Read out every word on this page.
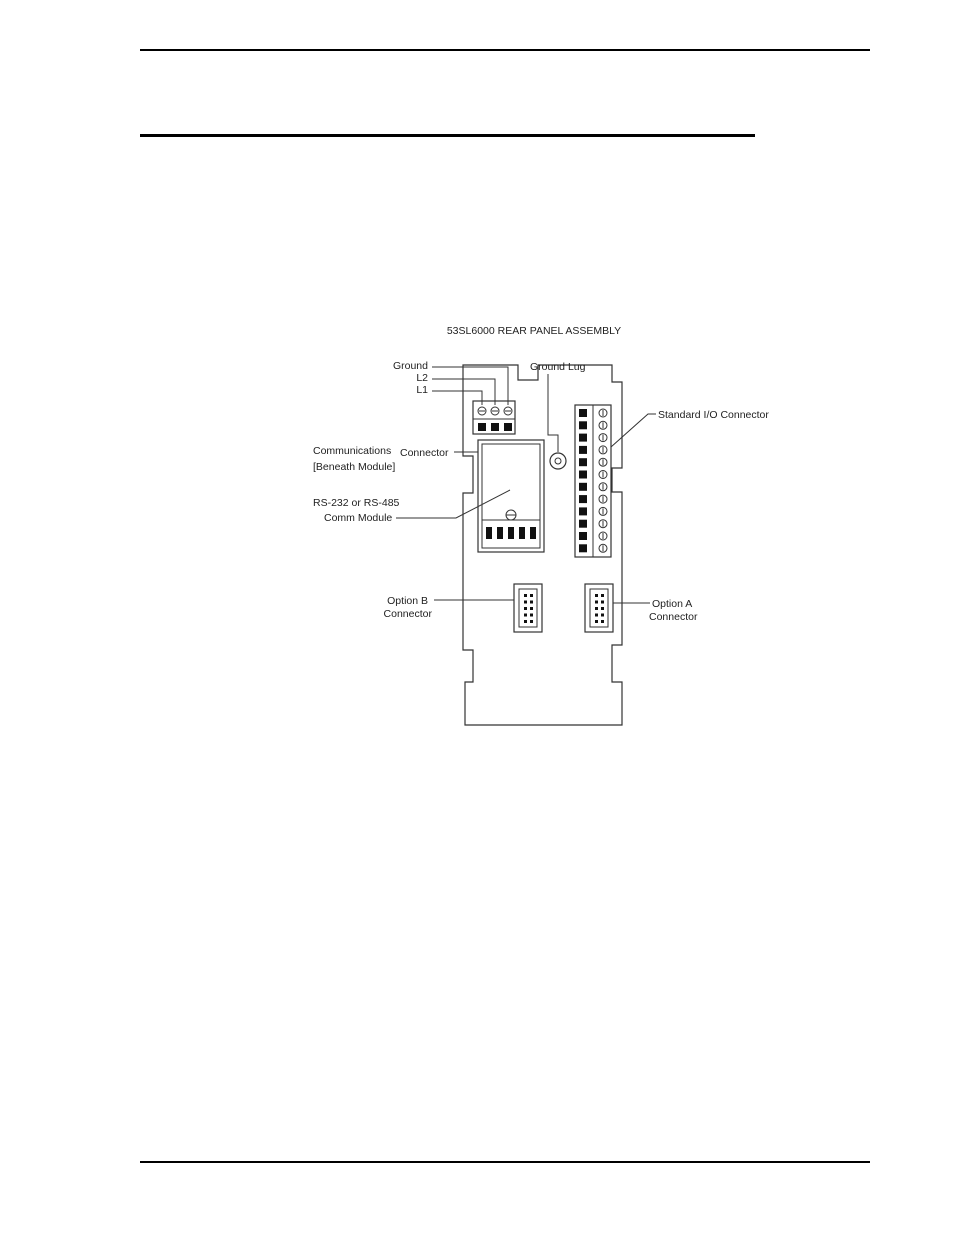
53SL6000 REAR PANEL ASSEMBLY
Ground
L2
L1
Ground Lug
Communications Connector
[Beneath Module]
RS-232 or RS-485
Comm Module
Standard I/O Connector
Option B
Connector
Option A
Connector
